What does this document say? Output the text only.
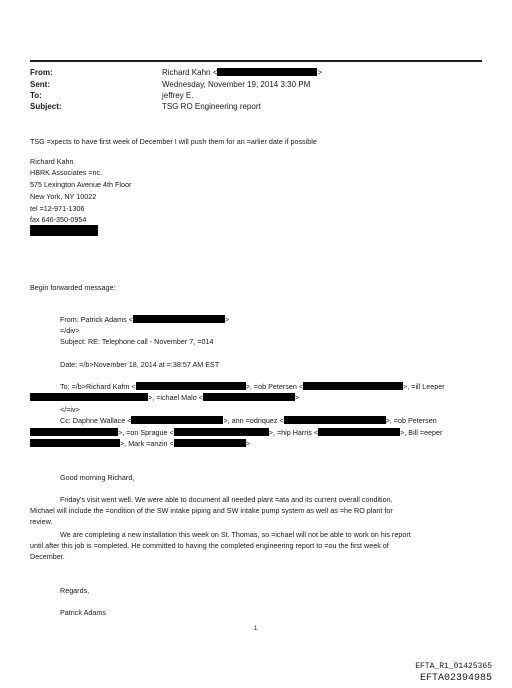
From:	Richard Kahn <	>
Sent:	Wednesday, November 19, 2014 3:30 PM
To:	jeffrey E.
Subject:	TSG RO Engineering report
TSG =xpects to have first week of December I will push them for an =arlier date if possible
Richard Kahn
HBRK Associates =nc.
575 Lexington Avenue 4th Floor
New York, NY 10022
tel =12-971-1306
fax 646-350-0954
Begin forwarded message:
From: Patrick Adams <	>
=/div>
Subject: RE: Telephone call - November 7, =014
Date: =/b>November 18, 2014 at =:38:57 AM EST
To: =/b>Richard Kahn <	>, =ob Petersen <	>, =ill Leeper
>, =ichael Malo <	>
</=iv>
Cc: Daphne Wallace <	>, ann =odriquez <	>, =ob Petersen
>, =on Sprague <	>, =hip Harris <	>, Bill =eeper
>, Mark =anzin <	>
Good morning Richard,
Friday's visit went well. We were able to document all needed plant =ata and its current overall condition.
Michael will include the =ondition of the SW intake piping and SW intake pump system as well as =he RO plant for
review.
We are completing a new installation this week on St. Thomas, so =ichael will not be able to work on his report
until after this job is =ompleted. He committed to having the completed engineering report to =ou the first week of
December.
Regards,
Patrick Adams
1
EFTA_R1_01425365
EFTA02394985
